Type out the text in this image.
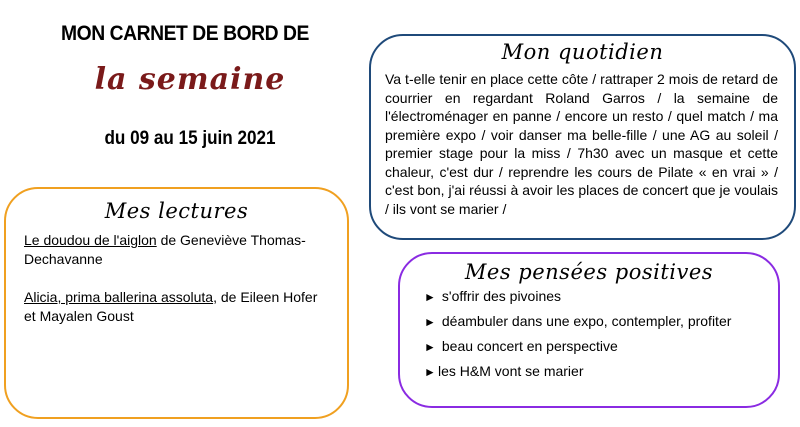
MON CARNET DE BORD DE
la semaine
du 09 au 15 juin 2021
Mes lectures
Le doudou de l'aiglon de Geneviève Thomas-Dechavanne
Alicia, prima ballerina assoluta, de Eileen Hofer et Mayalen Goust
Mon quotidien
Va t-elle tenir en place cette côte / rattraper 2 mois de retard de courrier en regardant Roland Garros / la semaine de l'électroménager en panne / encore un resto / quel match / ma première expo / voir danser ma belle-fille / une AG au soleil / premier stage pour la miss / 7h30 avec un masque et cette chaleur, c'est dur / reprendre les cours de Pilate « en vrai » / c'est bon, j'ai réussi à avoir les places de concert que je voulais / ils vont se marier /
Mes pensées positives
► s'offrir des pivoines
► déambuler dans une expo, contempler, profiter
► beau concert en perspective
► les H&M vont se marier
